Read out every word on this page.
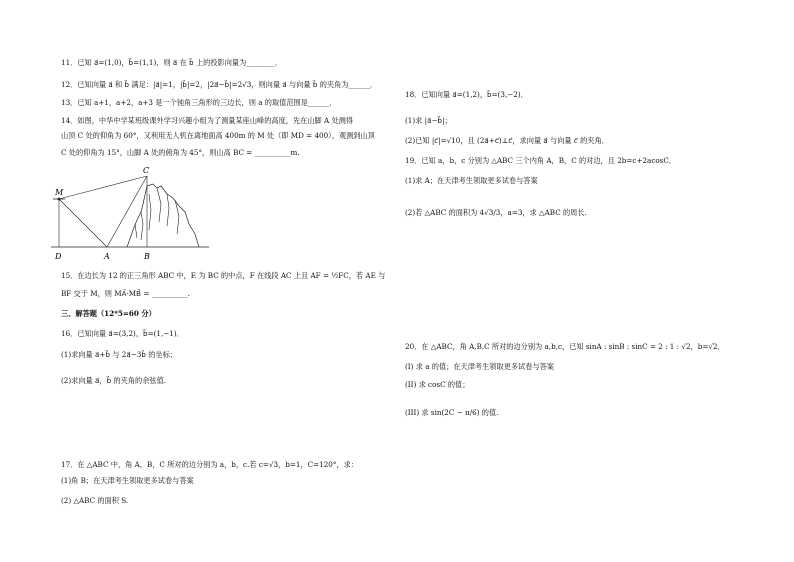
11．已知 a⃗=(1,0)，b⃗=(1,1)，则 a⃗ 在 b⃗ 上的投影向量为________．
12．已知向量 a⃗ 和 b⃗ 满足：|a⃗|=1，|b⃗|=2，|2a⃗−b⃗|=2√3，则向量 a⃗ 与向量 b⃗ 的夹角为______．
13．已知 a+1，a+2，a+3 是一个钝角三角形的三边长，则 a 的取值范围是______．
14．如图，中华中学某班级课外学习兴趣小组为了测量某座山峰的高度，先在山脚 A 处测得
山顶 C 处的仰角为 60°，又利用无人机在离地面高 400m 的 M 处（即 MD = 400），观测到山顶
C 处的仰角为 15°，山脚 A 处的俯角为 45°，则山高 BC = __________m.
M
C
D	A	B
15．在边长为 12 的正三角形 ABC 中，E 为 BC 的中点，F 在线段 AC 上且 AF = ½FC，若 AE 与
BF 交于 M，则 MA⃗·MB⃗ = __________.
三、解答题（12*5=60 分）
16．已知向量 a⃗=(3,2)，b⃗=(1,−1)．
(1)求向量 a⃗+b⃗ 与 2a⃗−3b⃗ 的坐标；
(2)求向量 a⃗，b⃗ 的夹角的余弦值.
17．在 △ABC 中，角 A，B，C 所对的边分别为 a，b，c.若 c=√3，b=1，C=120°，求：
(1)角 B；在天津考生领取更多试卷与答案
(2) △ABC 的面积 S.
18．已知向量 a⃗=(1,2)，b⃗=(3,−2)．
(1)求 |a⃗−b⃗|；
(2)已知 |c⃗|=√10，且 (2a⃗+c⃗)⊥c⃗，求向量 a⃗ 与向量 c⃗ 的夹角．
19．已知 a，b，c 分别为 △ABC 三个内角 A，B，C 的对边，且 2b=c+2acosC．
(1)求 A；在天津考生领取更多试卷与答案
(2)若 △ABC 的面积为 4√3/3，a=3，求 △ABC 的周长.
20．在 △ABC，角 A,B,C 所对的边分别为 a,b,c，已知 sinA : sinB : sinC = 2 : 1 : √2，b=√2．
(I) 求 a 的值；在天津考生领取更多试卷与答案
(II) 求 cosC 的值；
(III) 求 sin(2C − π/6) 的值.
